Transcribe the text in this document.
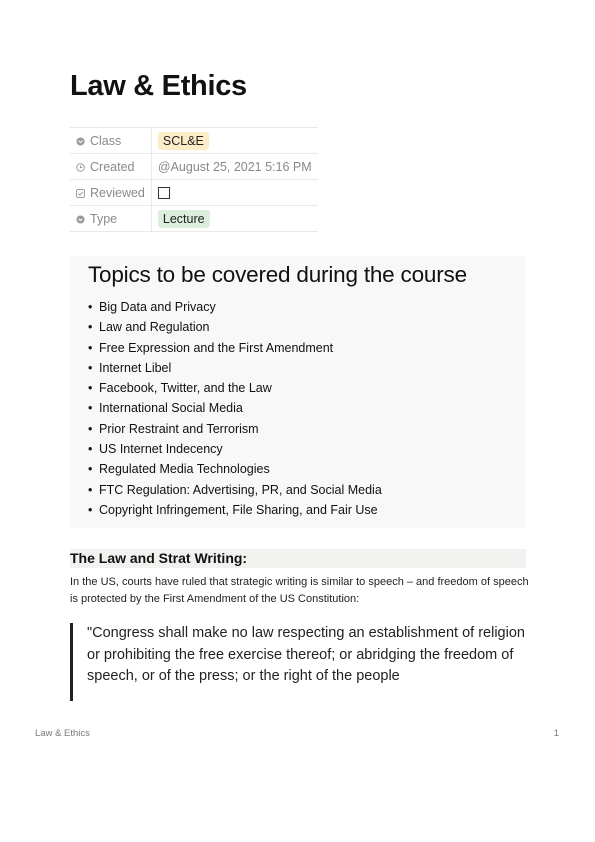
Law & Ethics
Class	SCL&E
Created	@August 25, 2021 5:16 PM
Reviewed	
Type	Lecture
Topics to be covered during the course
• Big Data and Privacy
• Law and Regulation
• Free Expression and the First Amendment
• Internet Libel
• Facebook, Twitter, and the Law
• International Social Media
• Prior Restraint and Terrorism
• US Internet Indecency
• Regulated Media Technologies
• FTC Regulation: Advertising, PR, and Social Media
• Copyright Infringement, File Sharing, and Fair Use
The Law and Strat Writing:

In the US, courts have ruled that strategic writing is similar to speech – and freedom of speech is protected by the First Amendment of the US Constitution:

"Congress shall make no law respecting an establishment of religion or prohibiting the free exercise thereof; or abridging the freedom of speech, or of the press; or the right of the people
Law & Ethics	1
